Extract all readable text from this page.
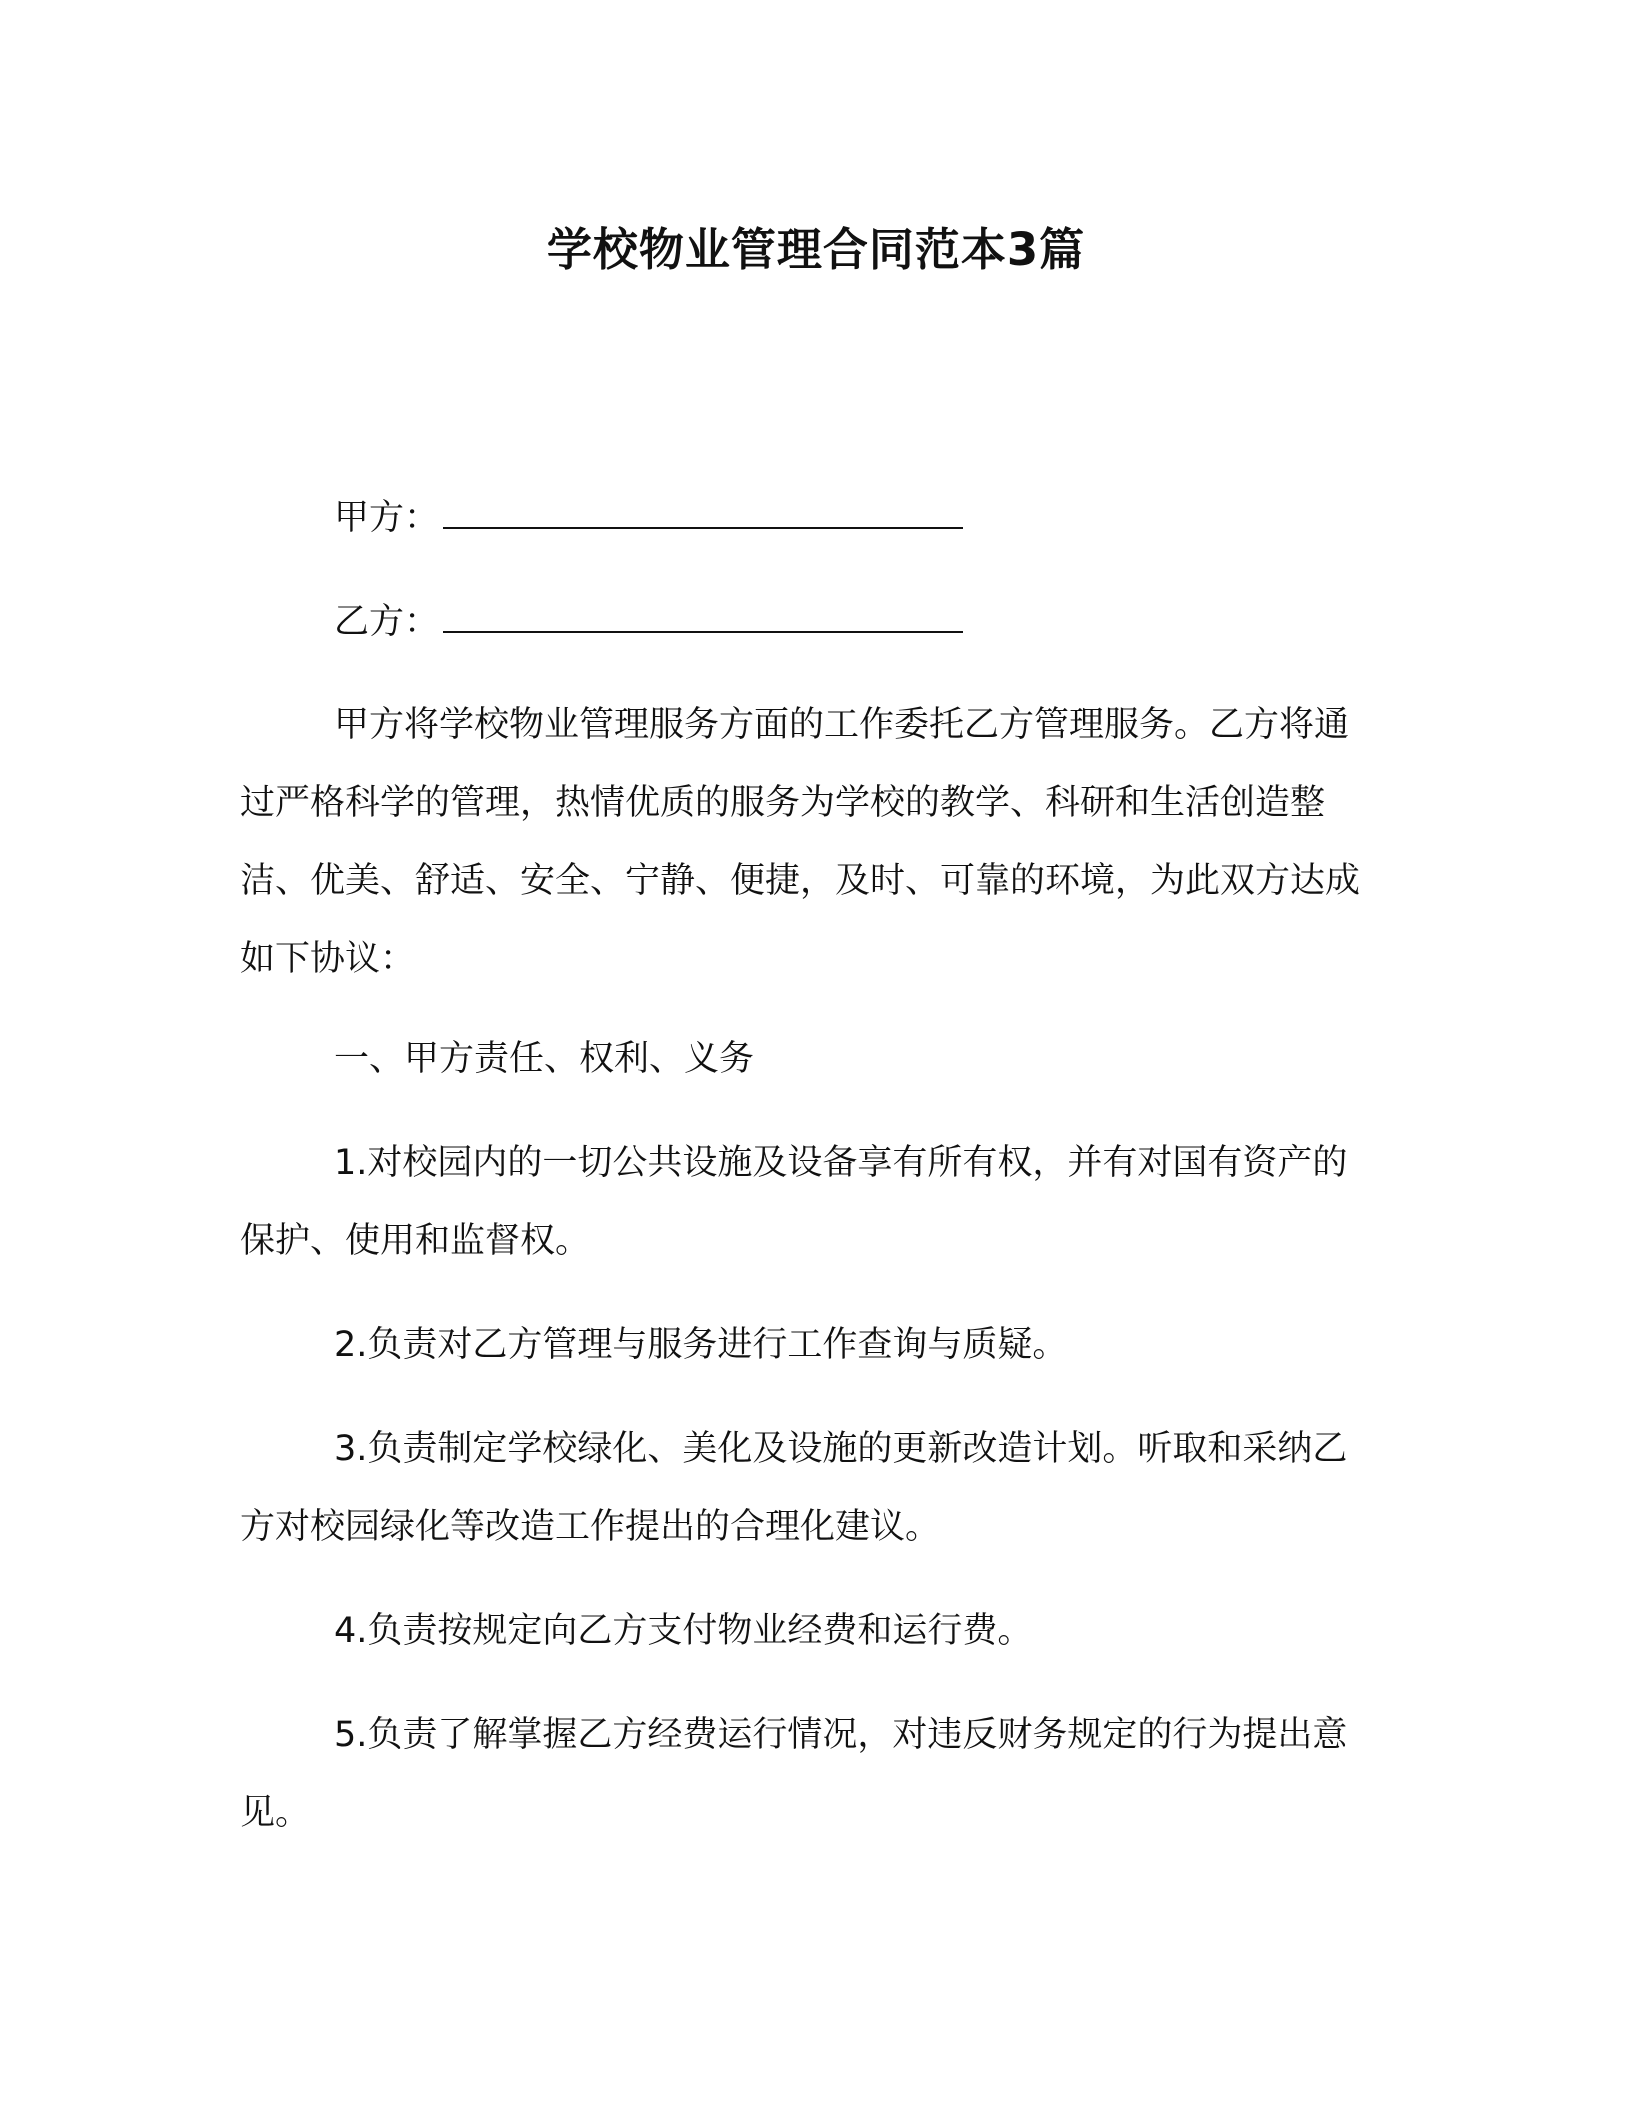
学校物业管理合同范本3篇
甲方：
乙方：

甲方将学校物业管理服务方面的工作委托乙方管理服务。乙方将通过严格科学的管理，热情优质的服务为学校的教学、科研和生活创造整洁、优美、舒适、安全、宁静、便捷，及时、可靠的环境，为此双方达成如下协议：

一、甲方责任、权利、义务

1.对校园内的一切公共设施及设备享有所有权，并有对国有资产的保护、使用和监督权。

2.负责对乙方管理与服务进行工作查询与质疑。

3.负责制定学校绿化、美化及设施的更新改造计划。听取和采纳乙方对校园绿化等改造工作提出的合理化建议。

4.负责按规定向乙方支付物业经费和运行费。

5.负责了解掌握乙方经费运行情况，对违反财务规定的行为提出意见。
